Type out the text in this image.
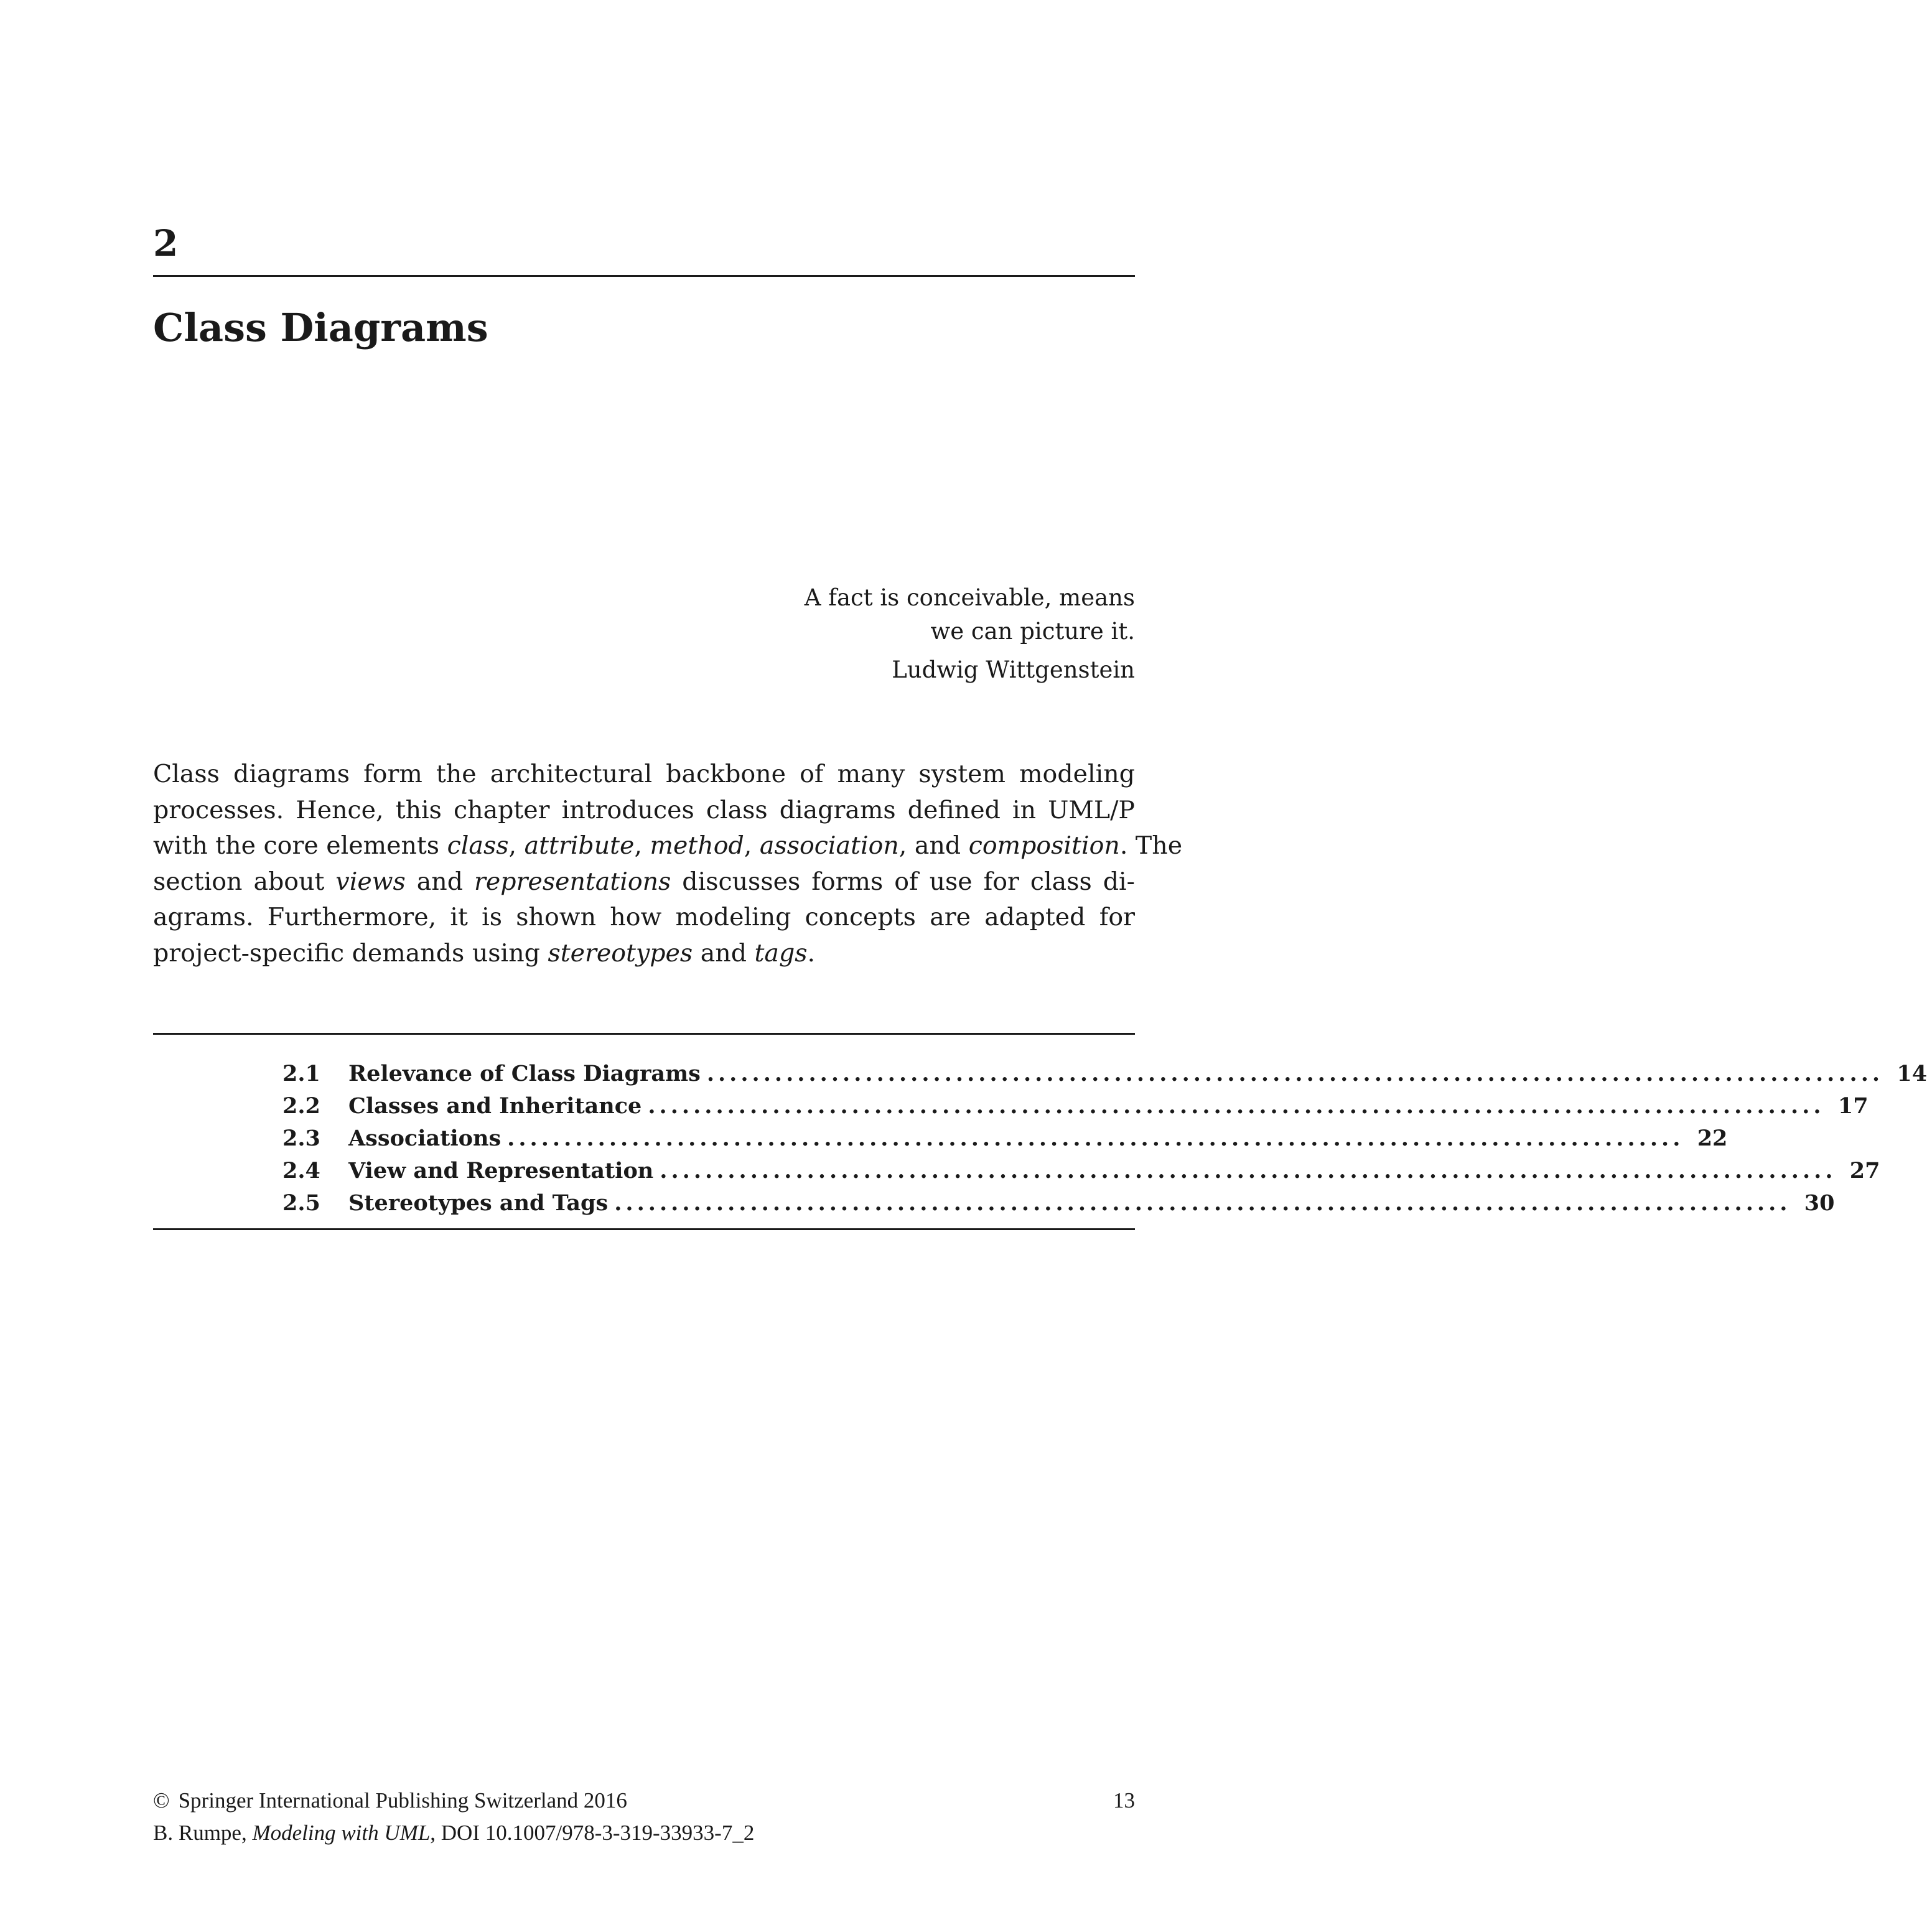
2
Class Diagrams
A fact is conceivable, means
we can picture it.
Ludwig Wittgenstein
Class diagrams form the architectural backbone of many system modeling
processes. Hence, this chapter introduces class diagrams defined in UML/P
with the core elements class, attribute, method, association, and composition. The
section about views and representations discusses forms of use for class di-
agrams. Furthermore, it is shown how modeling concepts are adapted for
project-specific demands using stereotypes and tags.
2.1	Relevance of Class Diagrams ........................................................................................................ 14
2.2	Classes and Inheritance ........................................................................................................ 17
2.3	Associations ........................................................................................................ 22
2.4	View and Representation ........................................................................................................ 27
2.5	Stereotypes and Tags ........................................................................................................ 30
© Springer International Publishing Switzerland 2016	13
B. Rumpe, Modeling with UML, DOI 10.1007/978-3-319-33933-7_2
